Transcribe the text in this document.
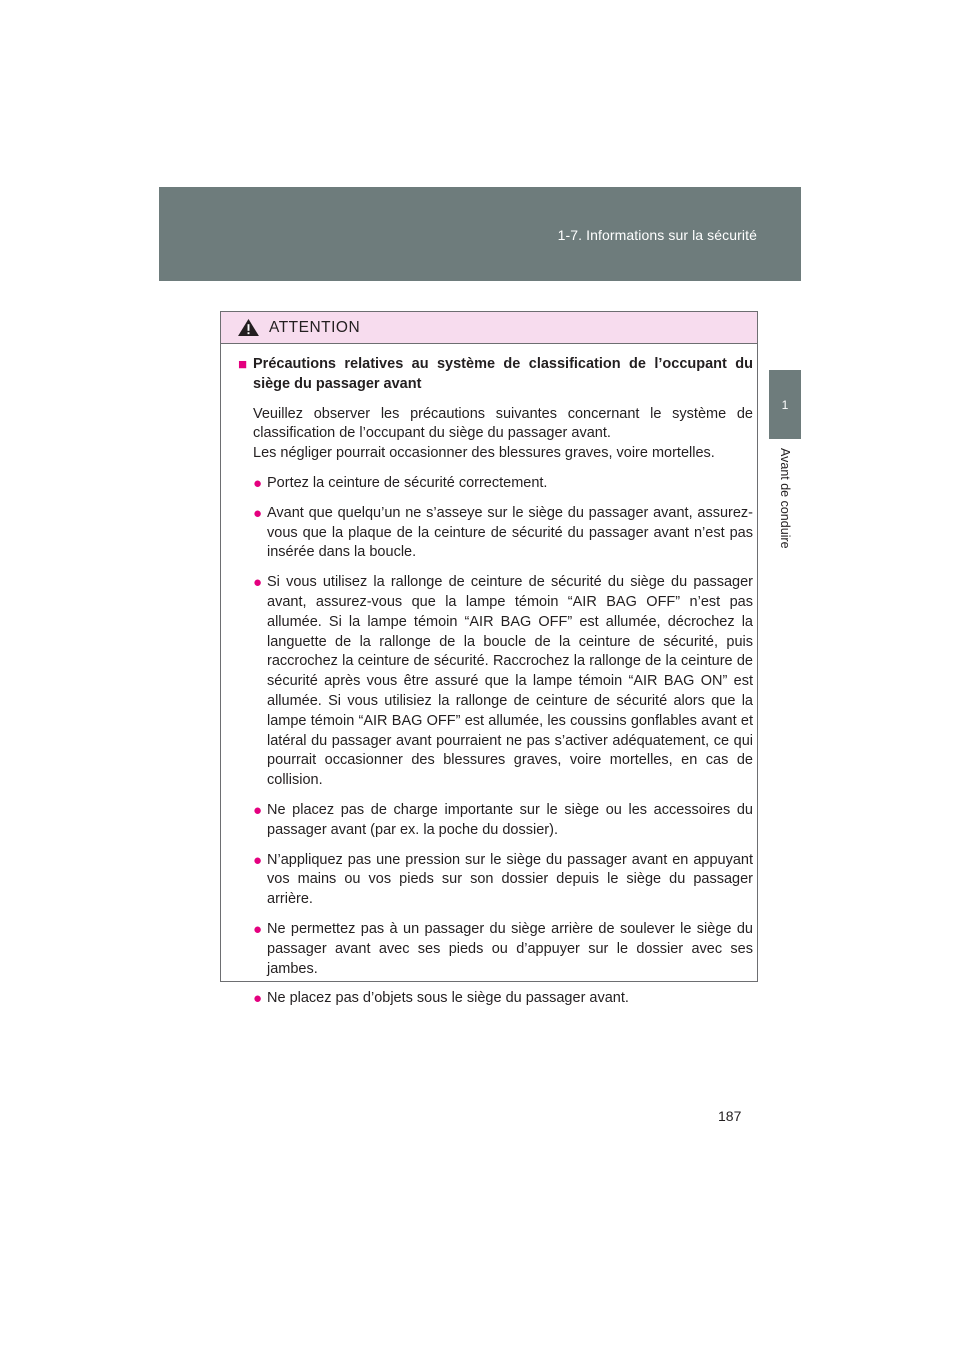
1-7. Informations sur la sécurité
1
Avant de conduire
ATTENTION
■ Précautions relatives au système de classification de l’occupant du siège du passager avant
Veuillez observer les précautions suivantes concernant le système de classification de l’occupant du siège du passager avant.
Les négliger pourrait occasionner des blessures graves, voire mortelles.
● Portez la ceinture de sécurité correctement.
● Avant que quelqu’un ne s’asseye sur le siège du passager avant, assurez-vous que la plaque de la ceinture de sécurité du passager avant n’est pas insérée dans la boucle.
● Si vous utilisez la rallonge de ceinture de sécurité du siège du passager avant, assurez-vous que la lampe témoin “AIR BAG OFF” n’est pas allumée. Si la lampe témoin “AIR BAG OFF” est allumée, décrochez la languette de la rallonge de la boucle de la ceinture de sécurité, puis raccrochez la ceinture de sécurité. Raccrochez la rallonge de la ceinture de sécurité après vous être assuré que la lampe témoin “AIR BAG ON” est allumée. Si vous utilisiez la rallonge de ceinture de sécurité alors que la lampe témoin “AIR BAG OFF” est allumée, les coussins gonflables avant et latéral du passager avant pourraient ne pas s’activer adéquatement, ce qui pourrait occasionner des blessures graves, voire mortelles, en cas de collision.
● Ne placez pas de charge importante sur le siège ou les accessoires du passager avant (par ex. la poche du dossier).
● N’appliquez pas une pression sur le siège du passager avant en appuyant vos mains ou vos pieds sur son dossier depuis le siège du passager arrière.
● Ne permettez pas à un passager du siège arrière de soulever le siège du passager avant avec ses pieds ou d’appuyer sur le dossier avec ses jambes.
● Ne placez pas d’objets sous le siège du passager avant.
187
